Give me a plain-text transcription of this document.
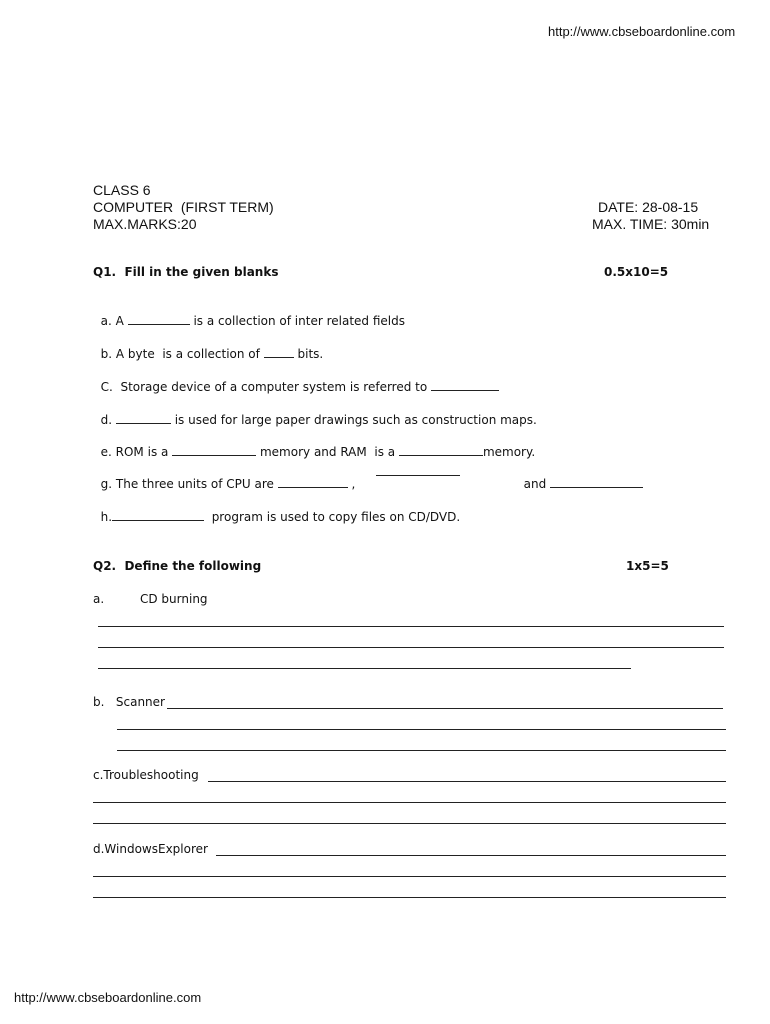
http://www.cbseboardonline.com
CLASS 6
COMPUTER  (FIRST TERM)
MAX.MARKS:20
DATE: 28-08-15
MAX. TIME: 30min
Q1.  Fill in the given blanks	0.5x10=5

a. A	is a collection of inter related fields

b. A byte  is a collection of	bits.

C.  Storage device of a computer system is referred to

d.	is used for large paper drawings such as construction maps.

e. ROM is a	memory and RAM  is a	memory.

g. The three units of CPU are	,	and

h.	program is used to copy files on CD/DVD.

Q2.  Define the following	1x5=5
a.	CD burning
b.   Scanner
c.Troubleshooting
d.WindowsExplorer
http://www.cbseboardonline.com
